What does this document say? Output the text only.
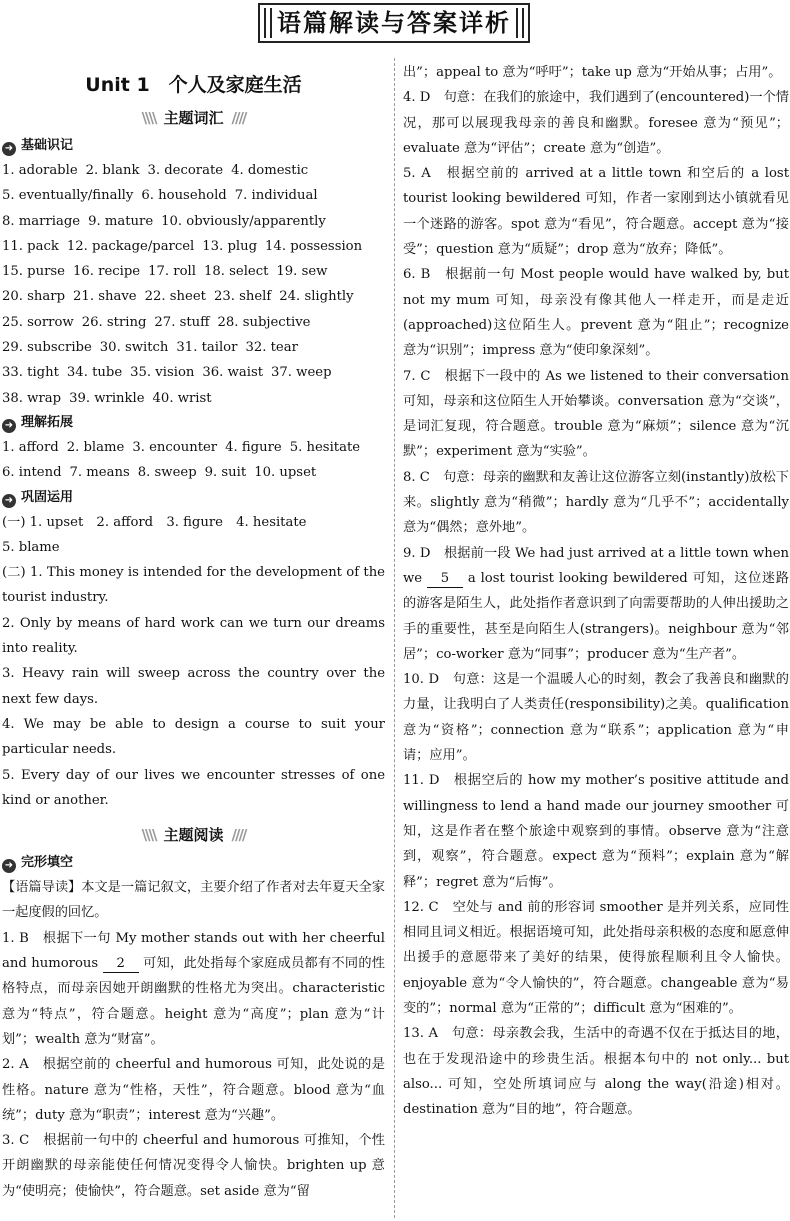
语篇解读与答案详析
Unit 1　个人及家庭生活
\\\\ 主题词汇 ////
➜ 基础识记
1. adorable 2. blank 3. decorate 4. domestic
5. eventually/finally 6. household 7. individual
8. marriage 9. mature 10. obviously/apparently
11. pack 12. package/parcel 13. plug 14. possession
15. purse 16. recipe 17. roll 18. select 19. sew
20. sharp 21. shave 22. sheet 23. shelf 24. slightly
25. sorrow 26. string 27. stuff 28. subjective
29. subscribe 30. switch 31. tailor 32. tear
33. tight 34. tube 35. vision 36. waist 37. weep
38. wrap 39. wrinkle 40. wrist
➜ 理解拓展
1. afford 2. blame 3. encounter 4. figure 5. hesitate
6. intend 7. means 8. sweep 9. suit 10. upset
➜ 巩固运用
(一) 1. upset　2. afford　3. figure　4. hesitate
5. blame
(二) 1. This money is intended for the development of the tourist industry.
2. Only by means of hard work can we turn our dreams into reality.
3. Heavy rain will sweep across the country over the next few days.
4. We may be able to design a course to suit your particular needs.
5. Every day of our lives we encounter stresses of one kind or another.
\\\\ 主题阅读 ////
➜ 完形填空
【语篇导读】本文是一篇记叙文，主要介绍了作者对去年夏天全家一起度假的回忆。
1. B　根据下一句 My mother stands out with her cheerful and humorous 2 可知，此处指每个家庭成员都有不同的性格特点，而母亲因她开朗幽默的性格尤为突出。characteristic 意为“特点”，符合题意。height 意为“高度”；plan 意为“计划”；wealth 意为“财富”。
2. A　根据空前的 cheerful and humorous 可知，此处说的是性格。nature 意为“性格，天性”，符合题意。blood 意为“血统”；duty 意为“职责”；interest 意为“兴趣”。
3. C　根据前一句中的 cheerful and humorous 可推知，个性开朗幽默的母亲能使任何情况变得令人愉快。brighten up 意为“使明亮；使愉快”，符合题意。set aside 意为“留
出”；appeal to 意为“呼吁”；take up 意为“开始从事；占用”。
4. D　句意：在我们的旅途中，我们遇到了(encountered)一个情况，那可以展现我母亲的善良和幽默。foresee 意为“预见”；evaluate 意为“评估”；create 意为“创造”。
5. A　根据空前的 arrived at a little town 和空后的 a lost tourist looking bewildered 可知，作者一家刚到达小镇就看见一个迷路的游客。spot 意为“看见”，符合题意。accept 意为“接受”；question 意为“质疑”；drop 意为“放弃；降低”。
6. B　根据前一句 Most people would have walked by, but not my mum 可知，母亲没有像其他人一样走开，而是走近(approached)这位陌生人。prevent 意为“阻止”；recognize 意为“识别”；impress 意为“使印象深刻”。
7. C　根据下一段中的 As we listened to their conversation 可知，母亲和这位陌生人开始攀谈。conversation 意为“交谈”，是词汇复现，符合题意。trouble 意为“麻烦”；silence 意为“沉默”；experiment 意为“实验”。
8. C　句意：母亲的幽默和友善让这位游客立刻(instantly)放松下来。slightly 意为“稍微”；hardly 意为“几乎不”；accidentally 意为“偶然；意外地”。
9. D　根据前一段 We had just arrived at a little town when we 5 a lost tourist looking bewildered 可知，这位迷路的游客是陌生人，此处指作者意识到了向需要帮助的人伸出援助之手的重要性，甚至是向陌生人(strangers)。neighbour 意为“邻居”；co-worker 意为“同事”；producer 意为“生产者”。
10. D　句意：这是一个温暖人心的时刻，教会了我善良和幽默的力量，让我明白了人类责任(responsibility)之美。qualification 意为“资格”；connection 意为“联系”；application 意为“申请；应用”。
11. D　根据空后的 how my mother’s positive attitude and willingness to lend a hand made our journey smoother 可知，这是作者在整个旅途中观察到的事情。observe 意为“注意到，观察”，符合题意。expect 意为“预料”；explain 意为“解释”；regret 意为“后悔”。
12. C　空处与 and 前的形容词 smoother 是并列关系，应同性相同且词义相近。根据语境可知，此处指母亲积极的态度和愿意伸出援手的意愿带来了美好的结果，使得旅程顺利且令人愉快。enjoyable 意为“令人愉快的”，符合题意。changeable 意为“易变的”；normal 意为“正常的”；difficult 意为“困难的”。
13. A　句意：母亲教会我，生活中的奇遇不仅在于抵达目的地，也在于发现沿途中的珍贵生活。根据本句中的 not only... but also... 可知，空处所填词应与 along the way(沿途)相对。destination 意为“目的地”，符合题意。
